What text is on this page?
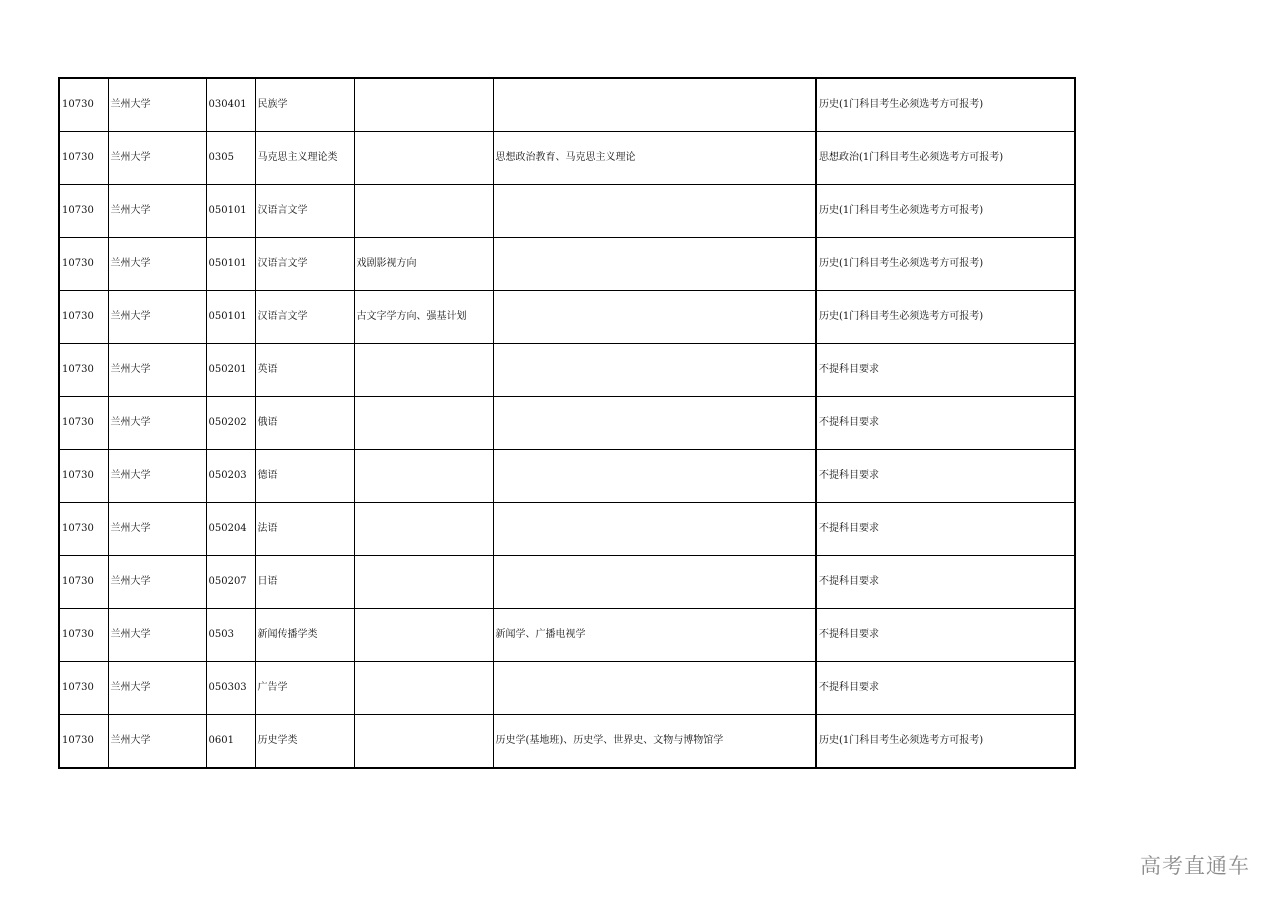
10730	兰州大学	030401	民族学			历史(1门科目考生必须选考方可报考)
10730	兰州大学	0305	马克思主义理论类		思想政治教育、马克思主义理论	思想政治(1门科目考生必须选考方可报考)
10730	兰州大学	050101	汉语言文学			历史(1门科目考生必须选考方可报考)
10730	兰州大学	050101	汉语言文学	戏剧影视方向		历史(1门科目考生必须选考方可报考)
10730	兰州大学	050101	汉语言文学	古文字学方向、强基计划		历史(1门科目考生必须选考方可报考)
10730	兰州大学	050201	英语			不提科目要求
10730	兰州大学	050202	俄语			不提科目要求
10730	兰州大学	050203	德语			不提科目要求
10730	兰州大学	050204	法语			不提科目要求
10730	兰州大学	050207	日语			不提科目要求
10730	兰州大学	0503	新闻传播学类		新闻学、广播电视学	不提科目要求
10730	兰州大学	050303	广告学			不提科目要求
10730	兰州大学	0601	历史学类		历史学(基地班)、历史学、世界史、文物与博物馆学	历史(1门科目考生必须选考方可报考)
高考直通车
